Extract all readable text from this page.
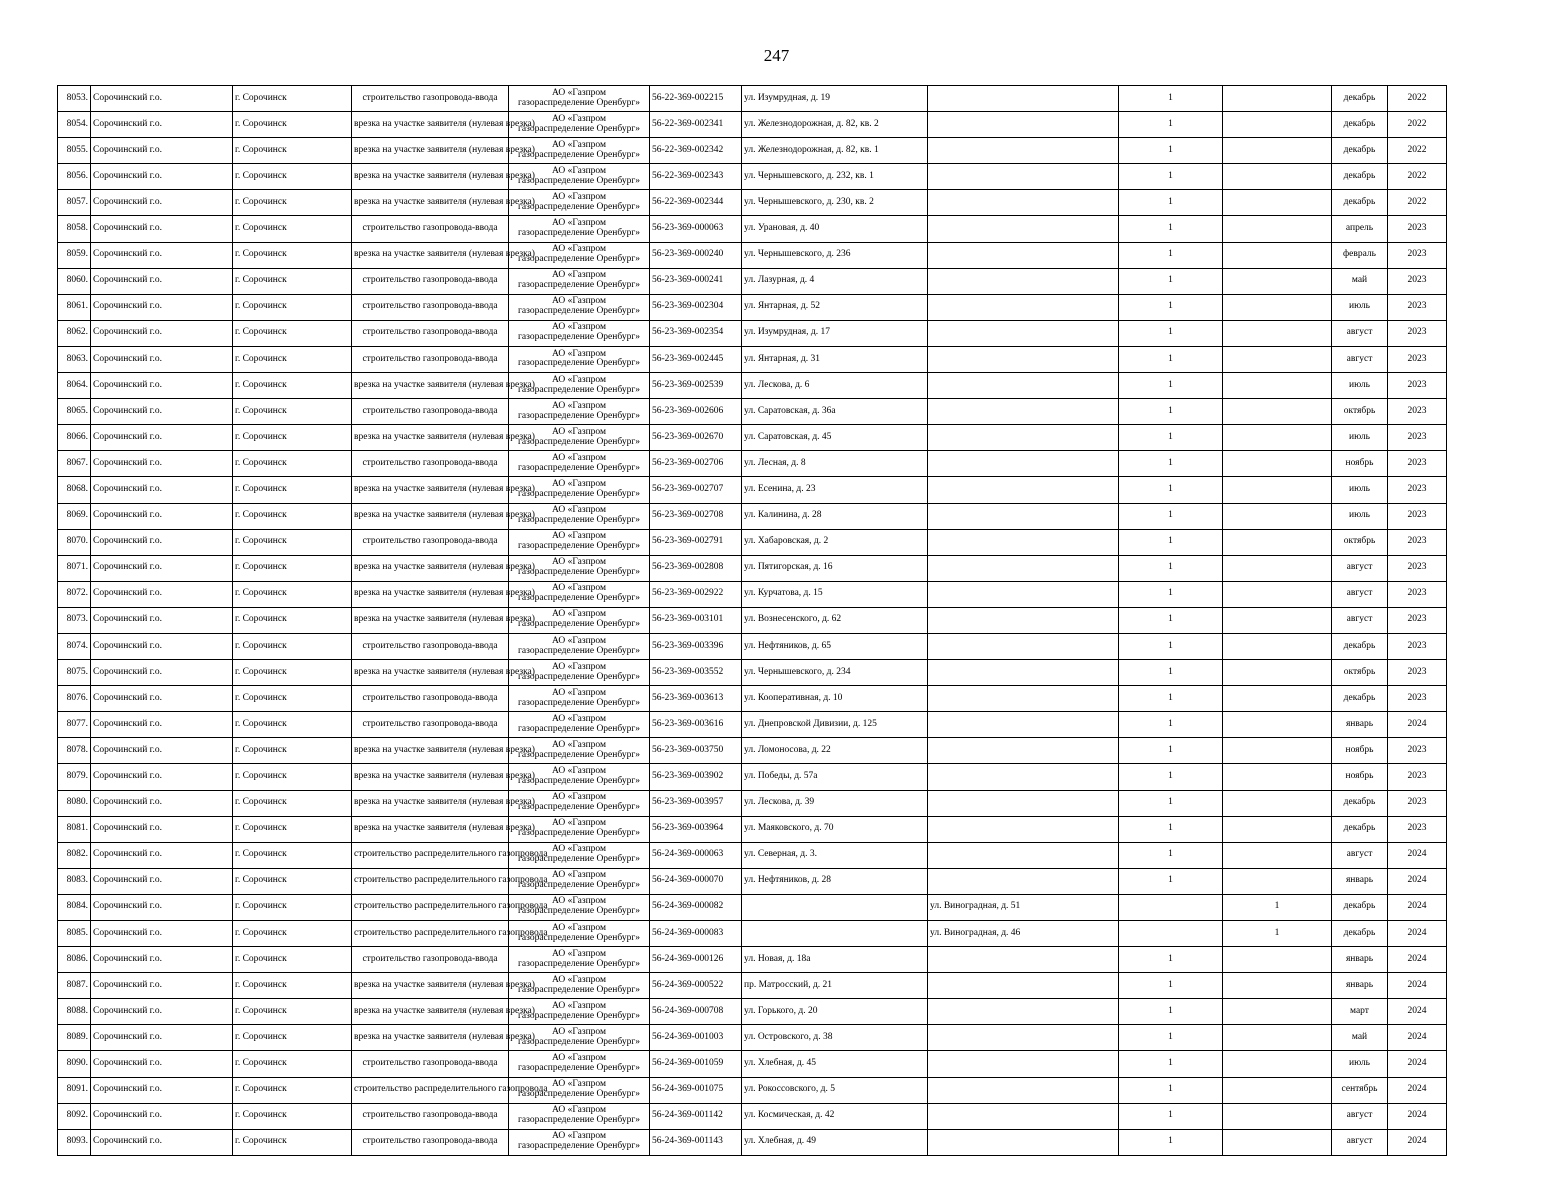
247
8053.	Сорочинский г.о.	г. Сорочинск	строительство газопровода-ввода	АО «Газпром
газораспределение Оренбург»	56-22-369-002215	ул. Изумрудная, д. 19		1		декабрь	2022
8054.	Сорочинский г.о.	г. Сорочинск	врезка на участке заявителя (нулевая врезка)	АО «Газпром
газораспределение Оренбург»	56-22-369-002341	ул. Железнодорожная, д. 82, кв. 2		1		декабрь	2022
8055.	Сорочинский г.о.	г. Сорочинск	врезка на участке заявителя (нулевая врезка)	АО «Газпром
газораспределение Оренбург»	56-22-369-002342	ул. Железнодорожная, д. 82, кв. 1		1		декабрь	2022
8056.	Сорочинский г.о.	г. Сорочинск	врезка на участке заявителя (нулевая врезка)	АО «Газпром
газораспределение Оренбург»	56-22-369-002343	ул. Чернышевского, д. 232, кв. 1		1		декабрь	2022
8057.	Сорочинский г.о.	г. Сорочинск	врезка на участке заявителя (нулевая врезка)	АО «Газпром
газораспределение Оренбург»	56-22-369-002344	ул. Чернышевского, д. 230, кв. 2		1		декабрь	2022
8058.	Сорочинский г.о.	г. Сорочинск	строительство газопровода-ввода	АО «Газпром
газораспределение Оренбург»	56-23-369-000063	ул. Урановая, д. 40		1		апрель	2023
8059.	Сорочинский г.о.	г. Сорочинск	врезка на участке заявителя (нулевая врезка)	АО «Газпром
газораспределение Оренбург»	56-23-369-000240	ул. Чернышевского, д. 236		1		февраль	2023
8060.	Сорочинский г.о.	г. Сорочинск	строительство газопровода-ввода	АО «Газпром
газораспределение Оренбург»	56-23-369-000241	ул. Лазурная, д. 4		1		май	2023
8061.	Сорочинский г.о.	г. Сорочинск	строительство газопровода-ввода	АО «Газпром
газораспределение Оренбург»	56-23-369-002304	ул. Янтарная, д. 52		1		июль	2023
8062.	Сорочинский г.о.	г. Сорочинск	строительство газопровода-ввода	АО «Газпром
газораспределение Оренбург»	56-23-369-002354	ул. Изумрудная, д. 17		1		август	2023
8063.	Сорочинский г.о.	г. Сорочинск	строительство газопровода-ввода	АО «Газпром
газораспределение Оренбург»	56-23-369-002445	ул. Янтарная, д. 31		1		август	2023
8064.	Сорочинский г.о.	г. Сорочинск	врезка на участке заявителя (нулевая врезка)	АО «Газпром
газораспределение Оренбург»	56-23-369-002539	ул. Лескова, д. 6		1		июль	2023
8065.	Сорочинский г.о.	г. Сорочинск	строительство газопровода-ввода	АО «Газпром
газораспределение Оренбург»	56-23-369-002606	ул. Саратовская, д. 36а		1		октябрь	2023
8066.	Сорочинский г.о.	г. Сорочинск	врезка на участке заявителя (нулевая врезка)	АО «Газпром
газораспределение Оренбург»	56-23-369-002670	ул. Саратовская, д. 45		1		июль	2023
8067.	Сорочинский г.о.	г. Сорочинск	строительство газопровода-ввода	АО «Газпром
газораспределение Оренбург»	56-23-369-002706	ул. Лесная, д. 8		1		ноябрь	2023
8068.	Сорочинский г.о.	г. Сорочинск	врезка на участке заявителя (нулевая врезка)	АО «Газпром
газораспределение Оренбург»	56-23-369-002707	ул. Есенина, д. 23		1		июль	2023
8069.	Сорочинский г.о.	г. Сорочинск	врезка на участке заявителя (нулевая врезка)	АО «Газпром
газораспределение Оренбург»	56-23-369-002708	ул. Калинина, д. 28		1		июль	2023
8070.	Сорочинский г.о.	г. Сорочинск	строительство газопровода-ввода	АО «Газпром
газораспределение Оренбург»	56-23-369-002791	ул. Хабаровская, д. 2		1		октябрь	2023
8071.	Сорочинский г.о.	г. Сорочинск	врезка на участке заявителя (нулевая врезка)	АО «Газпром
газораспределение Оренбург»	56-23-369-002808	ул. Пятигорская, д. 16		1		август	2023
8072.	Сорочинский г.о.	г. Сорочинск	врезка на участке заявителя (нулевая врезка)	АО «Газпром
газораспределение Оренбург»	56-23-369-002922	ул. Курчатова, д. 15		1		август	2023
8073.	Сорочинский г.о.	г. Сорочинск	врезка на участке заявителя (нулевая врезка)	АО «Газпром
газораспределение Оренбург»	56-23-369-003101	ул. Вознесенского, д. 62		1		август	2023
8074.	Сорочинский г.о.	г. Сорочинск	строительство газопровода-ввода	АО «Газпром
газораспределение Оренбург»	56-23-369-003396	ул. Нефтяников, д. 65		1		декабрь	2023
8075.	Сорочинский г.о.	г. Сорочинск	врезка на участке заявителя (нулевая врезка)	АО «Газпром
газораспределение Оренбург»	56-23-369-003552	ул. Чернышевского, д. 234		1		октябрь	2023
8076.	Сорочинский г.о.	г. Сорочинск	строительство газопровода-ввода	АО «Газпром
газораспределение Оренбург»	56-23-369-003613	ул. Кооперативная, д. 10		1		декабрь	2023
8077.	Сорочинский г.о.	г. Сорочинск	строительство газопровода-ввода	АО «Газпром
газораспределение Оренбург»	56-23-369-003616	ул. Днепровской Дивизии, д. 125		1		январь	2024
8078.	Сорочинский г.о.	г. Сорочинск	врезка на участке заявителя (нулевая врезка)	АО «Газпром
газораспределение Оренбург»	56-23-369-003750	ул. Ломоносова, д. 22		1		ноябрь	2023
8079.	Сорочинский г.о.	г. Сорочинск	врезка на участке заявителя (нулевая врезка)	АО «Газпром
газораспределение Оренбург»	56-23-369-003902	ул. Победы, д. 57а		1		ноябрь	2023
8080.	Сорочинский г.о.	г. Сорочинск	врезка на участке заявителя (нулевая врезка)	АО «Газпром
газораспределение Оренбург»	56-23-369-003957	ул. Лескова, д. 39		1		декабрь	2023
8081.	Сорочинский г.о.	г. Сорочинск	врезка на участке заявителя (нулевая врезка)	АО «Газпром
газораспределение Оренбург»	56-23-369-003964	ул. Маяковского, д. 70		1		декабрь	2023
8082.	Сорочинский г.о.	г. Сорочинск	строительство распределительного газопровода	АО «Газпром
газораспределение Оренбург»	56-24-369-000063	ул. Северная, д. 3.		1		август	2024
8083.	Сорочинский г.о.	г. Сорочинск	строительство распределительного газопровода	АО «Газпром
газораспределение Оренбург»	56-24-369-000070	ул. Нефтяников, д. 28		1		январь	2024
8084.	Сорочинский г.о.	г. Сорочинск	строительство распределительного газопровода	АО «Газпром
газораспределение Оренбург»	56-24-369-000082		ул. Виноградная, д. 51		1	декабрь	2024
8085.	Сорочинский г.о.	г. Сорочинск	строительство распределительного газопровода	АО «Газпром
газораспределение Оренбург»	56-24-369-000083		ул. Виноградная, д. 46		1	декабрь	2024
8086.	Сорочинский г.о.	г. Сорочинск	строительство газопровода-ввода	АО «Газпром
газораспределение Оренбург»	56-24-369-000126	ул. Новая, д. 18а		1		январь	2024
8087.	Сорочинский г.о.	г. Сорочинск	врезка на участке заявителя (нулевая врезка)	АО «Газпром
газораспределение Оренбург»	56-24-369-000522	пр. Матросский, д. 21		1		январь	2024
8088.	Сорочинский г.о.	г. Сорочинск	врезка на участке заявителя (нулевая врезка)	АО «Газпром
газораспределение Оренбург»	56-24-369-000708	ул. Горького, д. 20		1		март	2024
8089.	Сорочинский г.о.	г. Сорочинск	врезка на участке заявителя (нулевая врезка)	АО «Газпром
газораспределение Оренбург»	56-24-369-001003	ул. Островского, д. 38		1		май	2024
8090.	Сорочинский г.о.	г. Сорочинск	строительство газопровода-ввода	АО «Газпром
газораспределение Оренбург»	56-24-369-001059	ул. Хлебная, д. 45		1		июль	2024
8091.	Сорочинский г.о.	г. Сорочинск	строительство распределительного газопровода	АО «Газпром
газораспределение Оренбург»	56-24-369-001075	ул. Рокоссовского, д. 5		1		сентябрь	2024
8092.	Сорочинский г.о.	г. Сорочинск	строительство газопровода-ввода	АО «Газпром
газораспределение Оренбург»	56-24-369-001142	ул. Космическая, д. 42		1		август	2024
8093.	Сорочинский г.о.	г. Сорочинск	строительство газопровода-ввода	АО «Газпром
газораспределение Оренбург»	56-24-369-001143	ул. Хлебная, д. 49		1		август	2024
